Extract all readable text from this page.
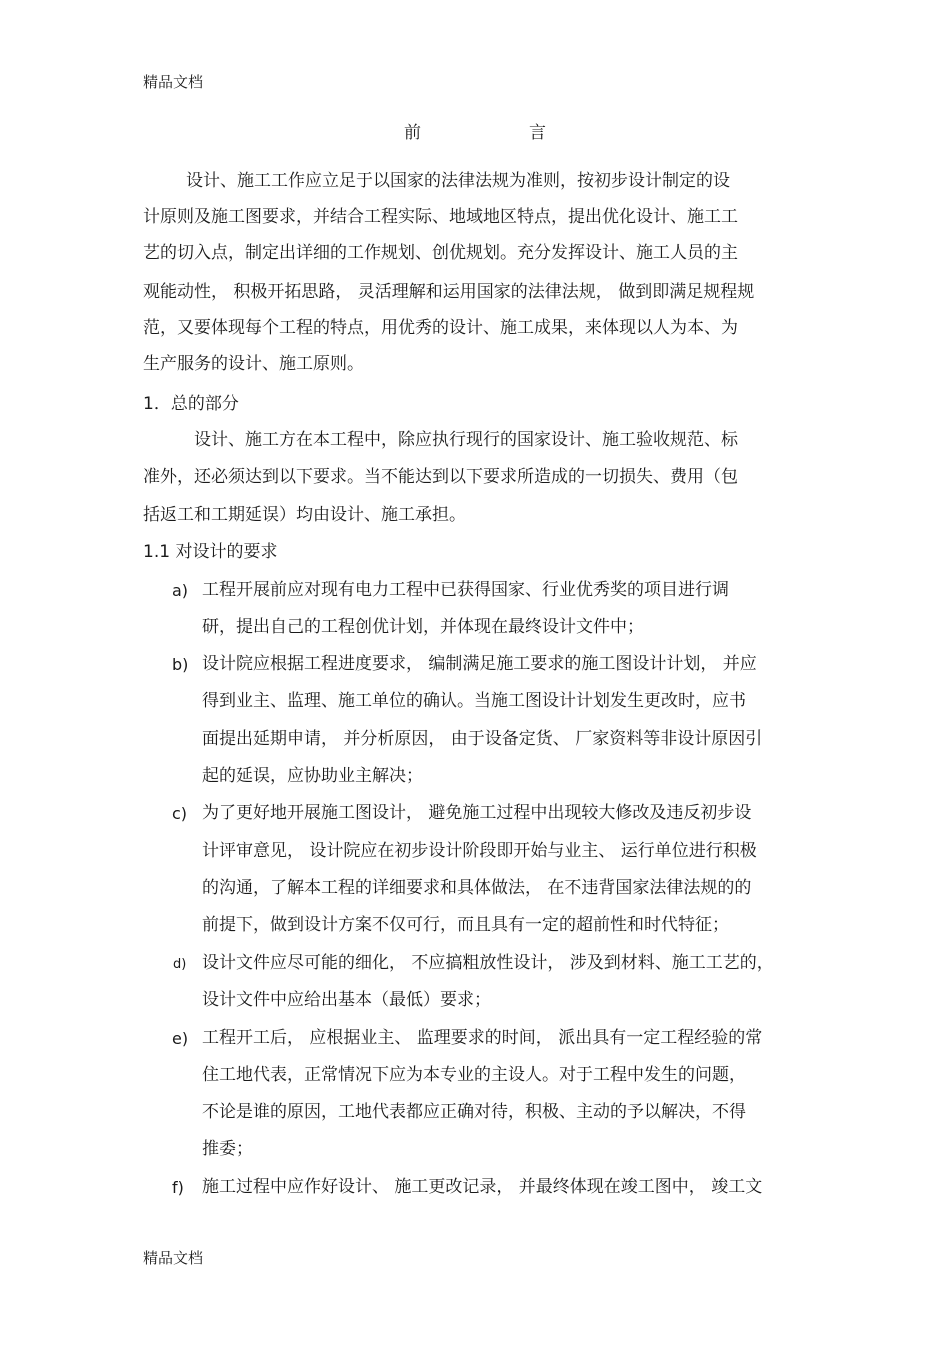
精品文档
前	言
设计、施工工作应立足于以国家的法律法规为准则，按初步设计制定的设
计原则及施工图要求，并结合工程实际、地域地区特点，提出优化设计、施工工
艺的切入点，制定出详细的工作规划、创优规划。充分发挥设计、施工人员的主
观能动性， 积极开拓思路， 灵活理解和运用国家的法律法规， 做到即满足规程规
范，又要体现每个工程的特点，用优秀的设计、施工成果，来体现以人为本、为
生产服务的设计、施工原则。
1．总的部分
设计、施工方在本工程中，除应执行现行的国家设计、施工验收规范、标
准外，还必须达到以下要求。当不能达到以下要求所造成的一切损失、费用（包
括返工和工期延误）均由设计、施工承担。
1.1 对设计的要求
a) 工程开展前应对现有电力工程中已获得国家、行业优秀奖的项目进行调
研，提出自己的工程创优计划，并体现在最终设计文件中；
b) 设计院应根据工程进度要求， 编制满足施工要求的施工图设计计划， 并应
得到业主、监理、施工单位的确认。当施工图设计计划发生更改时，应书
面提出延期申请， 并分析原因， 由于设备定货、 厂家资料等非设计原因引
起的延误，应协助业主解决；
c) 为了更好地开展施工图设计， 避免施工过程中出现较大修改及违反初步设
计评审意见， 设计院应在初步设计阶段即开始与业主、 运行单位进行积极
的沟通，了解本工程的详细要求和具体做法， 在不违背国家法律法规的的
前提下，做到设计方案不仅可行，而且具有一定的超前性和时代特征；
d) 设计文件应尽可能的细化， 不应搞粗放性设计， 涉及到材料、施工工艺的，
设计文件中应给出基本（最低）要求；
e) 工程开工后， 应根据业主、 监理要求的时间， 派出具有一定工程经验的常
住工地代表，正常情况下应为本专业的主设人。对于工程中发生的问题，
不论是谁的原因，工地代表都应正确对待，积极、主动的予以解决，不得
推委；
f) 施工过程中应作好设计、 施工更改记录， 并最终体现在竣工图中， 竣工文
精品文档
